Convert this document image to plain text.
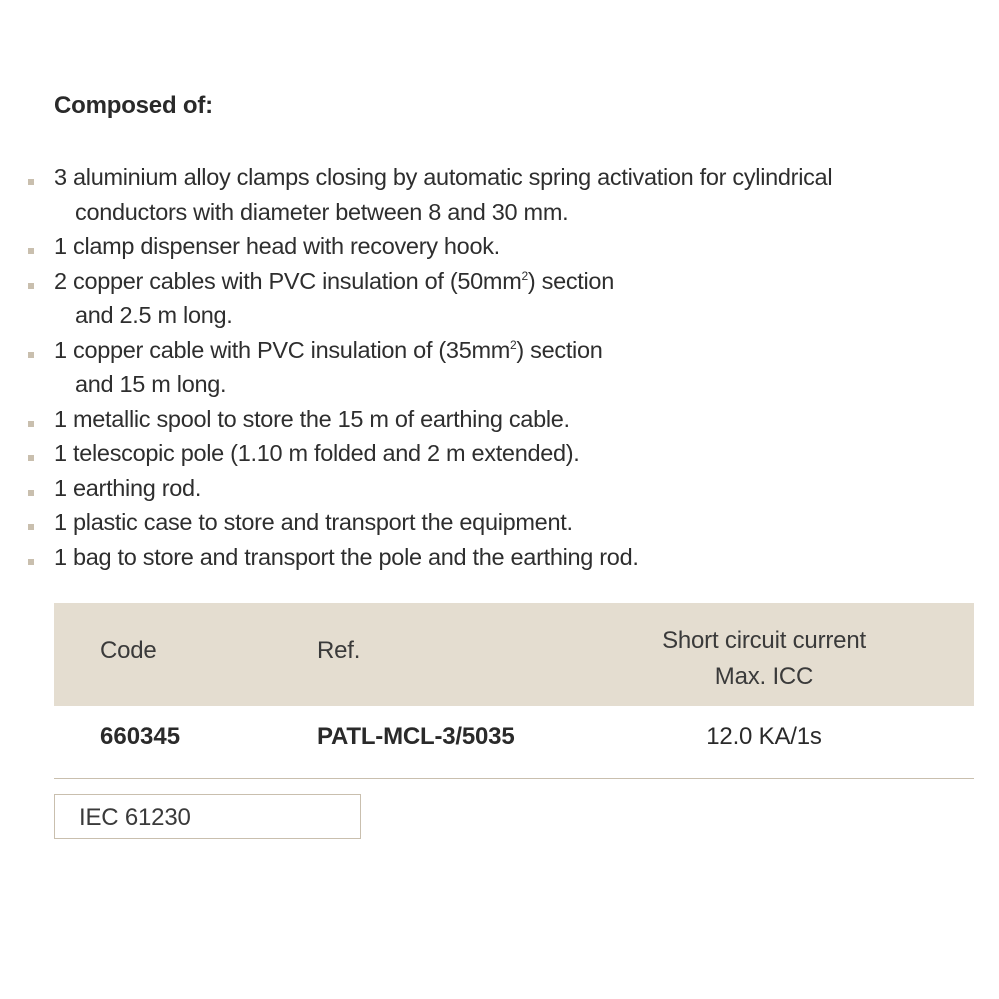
Composed of:
3 aluminium alloy clamps closing by automatic spring activation for cylindrical
conductors with diameter between 8 and 30 mm.
1 clamp dispenser head with recovery hook.
2 copper cables with PVC insulation of $(50mm^2)$ section
and 2.5 m long.
1 copper cable with PVC insulation of $(35mm^2)$ section
and 15 m long.
1 metallic spool to store the 15 m of earthing cable.
1 telescopic pole (1.10 m folded and 2 m extended).
1 earthing rod.
1 plastic case to store and transport the equipment.
1 bag to store and transport the pole and the earthing rod.
Code	Ref.	Short circuit current
Max. ICC
660345	PATL-MCL-3/5035	12.0 KA/1s
IEC 61230
